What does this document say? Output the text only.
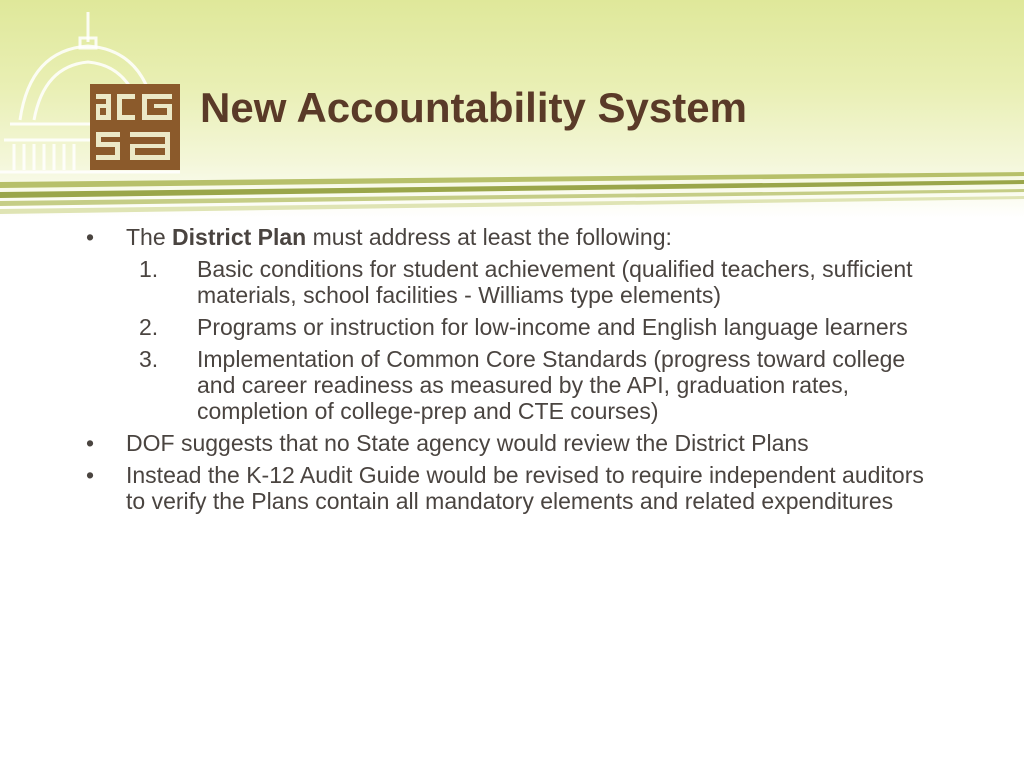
New Accountability System
•	The District Plan must address at least the following:
1. Basic conditions for student achievement (qualified teachers, sufficient materials, school facilities - Williams type elements)
2. Programs or instruction for low-income and English language learners
3. Implementation of Common Core Standards (progress toward college and career readiness as measured by the API, graduation rates, completion of college-prep and CTE courses)
•	DOF suggests that no State agency would review the District Plans
•	Instead the K-12 Audit Guide would be revised to require independent auditors to verify the Plans contain all mandatory elements and related expenditures
